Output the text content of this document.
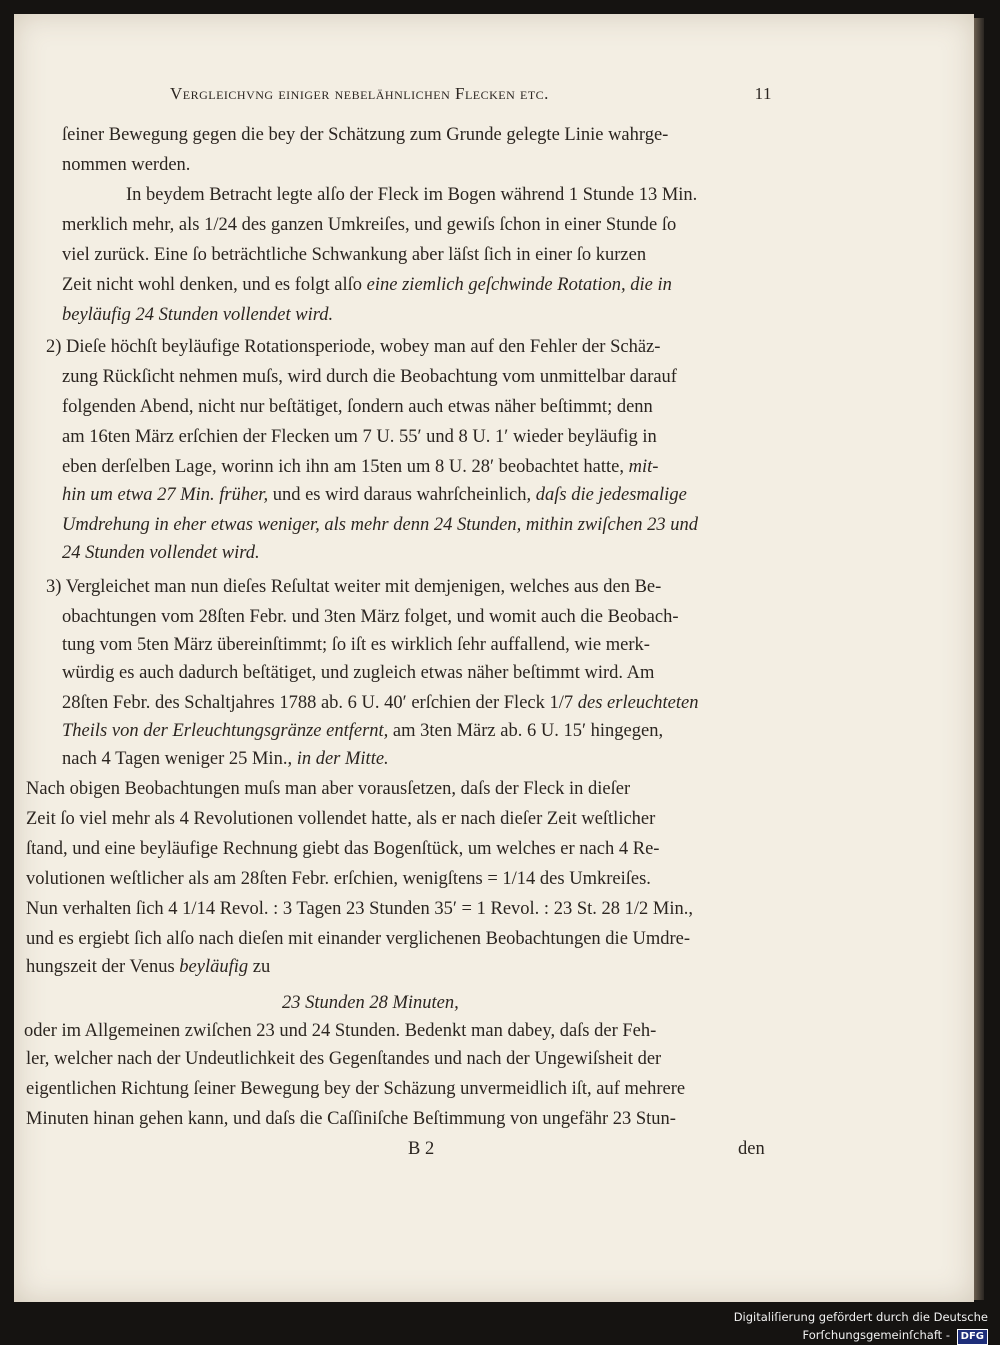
Vergleichvng einiger nebelähnlichen Flecken etc.	11
ſeiner Bewegung gegen die bey der Schätzung zum Grunde gelegte Linie wahrge-
nommen werden.
In beydem Betracht legte alſo der Fleck im Bogen während 1 Stunde 13 Min.
merklich mehr, als 1/24 des ganzen Umkreiſes, und gewiſs ſchon in einer Stunde ſo
viel zurück. Eine ſo beträchtliche Schwankung aber läſst ſich in einer ſo kurzen
Zeit nicht wohl denken, und es folgt alſo eine ziemlich geſchwinde Rotation, die in
beyläufig 24 Stunden vollendet wird.
2) Dieſe höchſt beyläufige Rotationsperiode, wobey man auf den Fehler der Schäz-
zung Rückſicht nehmen muſs, wird durch die Beobachtung vom unmittelbar darauf
folgenden Abend, nicht nur beſtätiget, ſondern auch etwas näher beſtimmt; denn
am 16ten März erſchien der Flecken um 7 U. 55′ und 8 U. 1′ wieder beyläufig in
eben derſelben Lage, worinn ich ihn am 15ten um 8 U. 28′ beobachtet hatte, mit-
hin um etwa 27 Min. früher, und es wird daraus wahrſcheinlich, daſs die jedesmalige
Umdrehung in eher etwas weniger, als mehr denn 24 Stunden, mithin zwiſchen 23 und
24 Stunden vollendet wird.
3) Vergleichet man nun dieſes Reſultat weiter mit demjenigen, welches aus den Be-
obachtungen vom 28ſten Febr. und 3ten März folget, und womit auch die Beobach-
tung vom 5ten März übereinſtimmt; ſo iſt es wirklich ſehr auffallend, wie merk-
würdig es auch dadurch beſtätiget, und zugleich etwas näher beſtimmt wird. Am
28ſten Febr. des Schaltjahres 1788 ab. 6 U. 40′ erſchien der Fleck 1/7 des erleuchteten
Theils von der Erleuchtungsgränze entfernt, am 3ten März ab. 6 U. 15′ hingegen,
nach 4 Tagen weniger 25 Min., in der Mitte.
Nach obigen Beobachtungen muſs man aber vorausſetzen, daſs der Fleck in dieſer
Zeit ſo viel mehr als 4 Revolutionen vollendet hatte, als er nach dieſer Zeit weſtlicher
ſtand, und eine beyläufige Rechnung giebt das Bogenſtück, um welches er nach 4 Re-
volutionen weſtlicher als am 28ſten Febr. erſchien, wenigſtens = 1/14 des Umkreiſes.
Nun verhalten ſich 4 1/14 Revol. : 3 Tagen 23 Stunden 35′ = 1 Revol. : 23 St. 28 1/2 Min.,
und es ergiebt ſich alſo nach dieſen mit einander verglichenen Beobachtungen die Umdre-
hungszeit der Venus beyläufig zu
23 Stunden 28 Minuten,
oder im Allgemeinen zwiſchen 23 und 24 Stunden. Bedenkt man dabey, daſs der Feh-
ler, welcher nach der Undeutlichkeit des Gegenſtandes und nach der Ungewiſsheit der
eigentlichen Richtung ſeiner Bewegung bey der Schäzung unvermeidlich iſt, auf mehrere
Minuten hinan gehen kann, und daſs die Caſſiniſche Beſtimmung von ungefähr 23 Stun-
B 2	den
Digitaliſierung gefördert durch die Deutsche Forſchungsgemeinſchaft - DFG
